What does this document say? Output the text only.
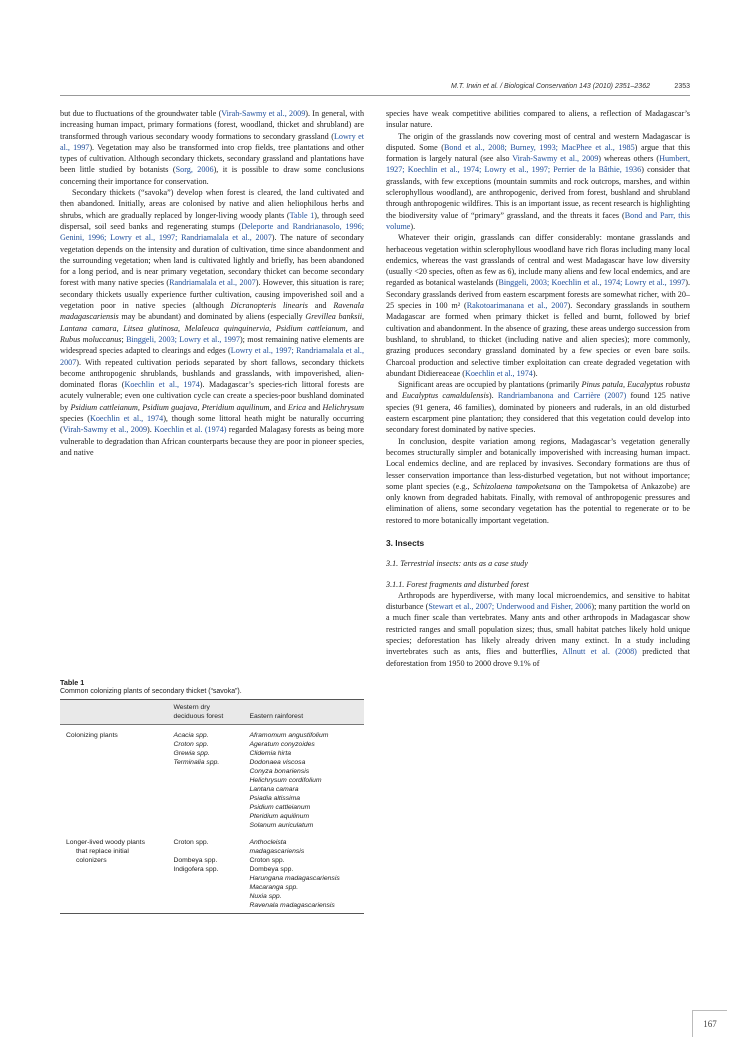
M.T. Irwin et al. / Biological Conservation 143 (2010) 2351–2362	2353

but due to fluctuations of the groundwater table (Virah-Sawmy et al., 2009). In general, with increasing human impact, primary formations (forest, woodland, thicket and shrubland) are transformed through various secondary woody formations to secondary grassland (Lowry et al., 1997). Vegetation may also be transformed into crop fields, tree plantations and other types of cultivation. Although secondary thickets, secondary grassland and plantations have been little studied by botanists (Sorg, 2006), it is possible to draw some conclusions concerning their importance for conservation.

Secondary thickets (“savoka”) develop when forest is cleared, the land cultivated and then abandoned. Initially, areas are colonised by native and alien heliophilous herbs and shrubs, which are gradually replaced by longer-living woody plants (Table 1), through seed dispersal, soil seed banks and regenerating stumps (Deleporte and Randrianasolo, 1996; Genini, 1996; Lowry et al., 1997; Randriamalala et al., 2007). The nature of secondary vegetation depends on the intensity and duration of cultivation, time since abandonment and the surrounding vegetation; when land is cultivated lightly and briefly, has been abandoned for a long period, and is near primary vegetation, secondary thicket can become secondary forest with many native species (Randriamalala et al., 2007). However, this situation is rare; secondary thickets usually experience further cultivation, causing impoverished soil and a vegetation poor in native species (although Dicranopteris linearis and Ravenala madagascariensis may be abundant) and dominated by aliens (especially Grevillea banksii, Lantana camara, Litsea glutinosa, Melaleuca quinquinervia, Psidium cattleianum, and Rubus moluccanus; Binggeli, 2003; Lowry et al., 1997); most remaining native elements are widespread species adapted to clearings and edges (Lowry et al., 1997; Randriamalala et al., 2007). With repeated cultivation periods separated by short fallows, secondary thickets become anthropogenic shrublands, bushlands and grasslands, with impoverished, alien-dominated floras (Koechlin et al., 1974). Madagascar’s species-rich littoral forests are acutely vulnerable; even one cultivation cycle can create a species-poor bushland dominated by Psidium cattleianum, Psidium guajava, Pteridium aquilinum, and Erica and Helichrysum species (Koechlin et al., 1974), though some littoral heath might be naturally occurring (Virah-Sawmy et al., 2009). Koechlin et al. (1974) regarded Malagasy forests as being more vulnerable to degradation than African counterparts because they are poor in pioneer species, and native

Table 1
Common colonizing plants of secondary thicket (“savoka”).
	Western dry deciduous forest	Eastern rainforest
Colonizing plants	Acacia spp.	Aframomum angustifolium
	Croton spp.	Ageratum conyzoides
	Grewia spp.	Clidemia hirta
	Terminalia spp.	Dodonaea viscosa
		Conyza bonariensis
		Helichrysum cordifolium
		Lantana camara
		Psiadia altissima
		Psidium cattleianum
		Pteridium aquilinum
		Solanum auriculatum
Longer-lived woody plants	Croton spp.	Anthocleista
that replace initial		madagascariensis
colonizers	Dombeya spp.	Croton spp.
	Indigofera spp.	Dombeya spp.
		Harungana madagascariensis
		Macaranga spp.
		Nuxia spp.
		Ravenala madagascariensis

species have weak competitive abilities compared to aliens, a reflection of Madagascar’s insular nature.

The origin of the grasslands now covering most of central and western Madagascar is disputed. Some (Bond et al., 2008; Burney, 1993; MacPhee et al., 1985) argue that this formation is largely natural (see also Virah-Sawmy et al., 2009) whereas others (Humbert, 1927; Koechlin et al., 1974; Lowry et al., 1997; Perrier de la Bâthie, 1936) consider that grasslands, with few exceptions (mountain summits and rock outcrops, marshes, and within sclerophyllous woodland), are anthropogenic, derived from forest, bushland and shrubland through anthropogenic wildfires. This is an important issue, as recent research is highlighting the biodiversity value of “primary” grassland, and the threats it faces (Bond and Parr, this volume).

Whatever their origin, grasslands can differ considerably: montane grasslands and herbaceous vegetation within sclerophyllous woodland have rich floras including many local endemics, whereas the vast grasslands of central and west Madagascar have low diversity (usually <20 species, often as few as 6), include many aliens and few local endemics, and are regarded as botanical wastelands (Binggeli, 2003; Koechlin et al., 1974; Lowry et al., 1997). Secondary grasslands derived from eastern escarpment forests are somewhat richer, with 20–25 species in 100 m² (Rakotoarimanana et al., 2007). Secondary grasslands in southern Madagascar are formed when primary thicket is felled and burnt, followed by brief cultivation and abandonment. In the absence of grazing, these areas undergo succession from bushland, to shrubland, to thicket (including native and alien species); more commonly, grazing produces secondary grassland dominated by a few species or even bare soils. Charcoal production and selective timber exploitation can create degraded vegetation with abundant Didiereaceae (Koechlin et al., 1974).

Significant areas are occupied by plantations (primarily Pinus patula, Eucalyptus robusta and Eucalyptus camaldulensis). Randriambanona and Carrière (2007) found 125 native species (91 genera, 46 families), dominated by pioneers and ruderals, in an old disturbed eastern escarpment pine plantation; they considered that this vegetation could develop into secondary forest dominated by native species.

In conclusion, despite variation among regions, Madagascar’s vegetation generally becomes structurally simpler and botanically impoverished with increasing human impact. Local endemics decline, and are replaced by invasives. Secondary formations are thus of lesser conservation importance than less-disturbed vegetation, but not without importance; some plant species (e.g., Schizolaena tampoketsana on the Tampoketsa of Ankazobe) are only known from degraded habitats. Finally, with removal of anthropogenic pressures and elimination of aliens, some secondary vegetation has the potential to regenerate or to be restored to more botanically important vegetation.

3. Insects
3.1. Terrestrial insects: ants as a case study
3.1.1. Forest fragments and disturbed forest

Arthropods are hyperdiverse, with many local microendemics, and sensitive to habitat disturbance (Stewart et al., 2007; Underwood and Fisher, 2006); many partition the world on a much finer scale than vertebrates. Many ants and other arthropods in Madagascar show restricted ranges and small population sizes; thus, small habitat patches likely hold unique species; deforestation has likely already driven many extinct. In a study including invertebrates such as ants, flies and butterflies, Allnutt et al. (2008) predicted that deforestation from 1950 to 2000 drove 9.1% of

167
